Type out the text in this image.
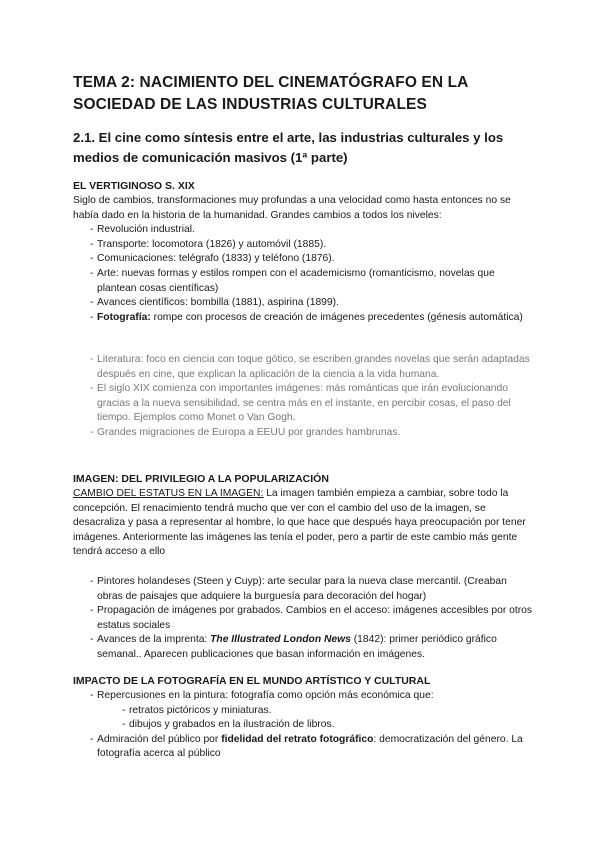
TEMA 2: NACIMIENTO DEL CINEMATÓGRAFO EN LA SOCIEDAD DE LAS INDUSTRIAS CULTURALES
2.1. El cine como síntesis entre el arte, las industrias culturales y los medios de comunicación masivos (1ª parte)
EL VERTIGINOSO S. XIX

Siglo de cambios, transformaciones muy profundas a una velocidad como hasta entonces no se había dado en la historia de la humanidad. Grandes cambios a todos los niveles:

- Revolución industrial.
- Transporte: locomotora (1826) y automóvil (1885).
- Comunicaciones: telégrafo (1833) y teléfono (1876).
- Arte: nuevas formas y estilos rompen con el academicismo (romanticismo, novelas que plantean cosas científicas)
- Avances científicos: bombilla (1881), aspirina (1899).
- Fotografía: rompe con procesos de creación de imágenes precedentes (génesis automática)
- Literatura: foco en ciencia con toque gótico, se escriben grandes novelas que serán adaptadas después en cine, que explican la aplicación de la ciencia a la vida humana.
- El siglo XIX comienza con importantes imágenes: más románticas que irán evolucionando gracias a la nueva sensibilidad, se centra más en el instante, en percibir cosas, el paso del tiempo. Ejemplos como Monet o Van Gogh.
- Grandes migraciones de Europa a EEUU por grandes hambrunas.
IMAGEN: DEL PRIVILEGIO A LA POPULARIZACIÓN

CAMBIO DEL ESTATUS EN LA IMAGEN: La imagen también empieza a cambiar, sobre todo la concepción. El renacimiento tendrá mucho que ver con el cambio del uso de la imagen, se desacraliza y pasa a representar al hombre, lo que hace que después haya preocupación por tener imágenes. Anteriormente las imágenes las tenía el poder, pero a partir de este cambio más gente tendrá acceso a ello

- Pintores holandeses (Steen y Cuyp): arte secular para la nueva clase mercantil. (Creaban obras de paisajes que adquiere la burguesía para decoración del hogar)
- Propagación de imágenes por grabados. Cambios en el acceso: imágenes accesibles por otros estatus sociales
- Avances de la imprenta: The Illustrated London News (1842): primer periódico gráfico semanal.. Aparecen publicaciones que basan información en imágenes.
IMPACTO DE LA FOTOGRAFÍA EN EL MUNDO ARTÍSTICO Y CULTURAL
- Repercusiones en la pintura: fotografía como opción más económica que:
- retratos pictóricos y miniaturas.
- dibujos y grabados en la ilustración de libros.
- Admiración del público por fidelidad del retrato fotográfico: democratización del género. La fotografía acerca al público
